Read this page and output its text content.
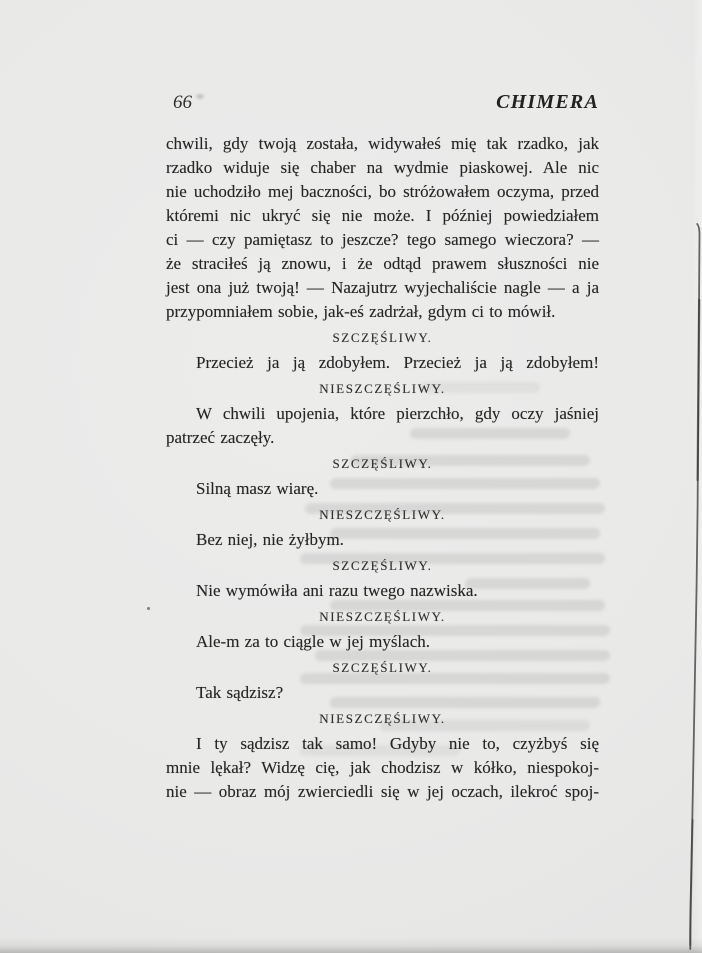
66	CHIMERA
chwili, gdy twoją została, widywałeś mię tak rzadko, jak
rzadko widuje się chaber na wydmie piaskowej. Ale nic
nie uchodziło mej baczności, bo stróżowałem oczyma, przed
któremi nic ukryć się nie może. I później powiedziałem
ci — czy pamiętasz to jeszcze? tego samego wieczora? —
że straciłeś ją znowu, i że odtąd prawem słuszności nie
jest ona już twoją! — Nazajutrz wyjechaliście nagle — a ja
przypomniałem sobie, jak-eś zadrżał, gdym ci to mówił.
SZCZĘŚLIWY.
Przecież ja ją zdobyłem. Przecież ja ją zdobyłem!
NIESZCZĘŚLIWY.
W chwili upojenia, które pierzchło, gdy oczy jaśniej
patrzeć zaczęły.
SZCZĘŚLIWY.
Silną masz wiarę.
NIESZCZĘŚLIWY.
Bez niej, nie żyłbym.
SZCZĘŚLIWY.
Nie wymówiła ani razu twego nazwiska.
NIESZCZĘŚLIWY.
Ale-m za to ciągle w jej myślach.
SZCZĘŚLIWY.
Tak sądzisz?
NIESZCZĘŚLIWY.
I ty sądzisz tak samo! Gdyby nie to, czyżbyś się
mnie lękał? Widzę cię, jak chodzisz w kółko, niespokoj-
nie — obraz mój zwierciedli się w jej oczach, ilekroć spoj-
